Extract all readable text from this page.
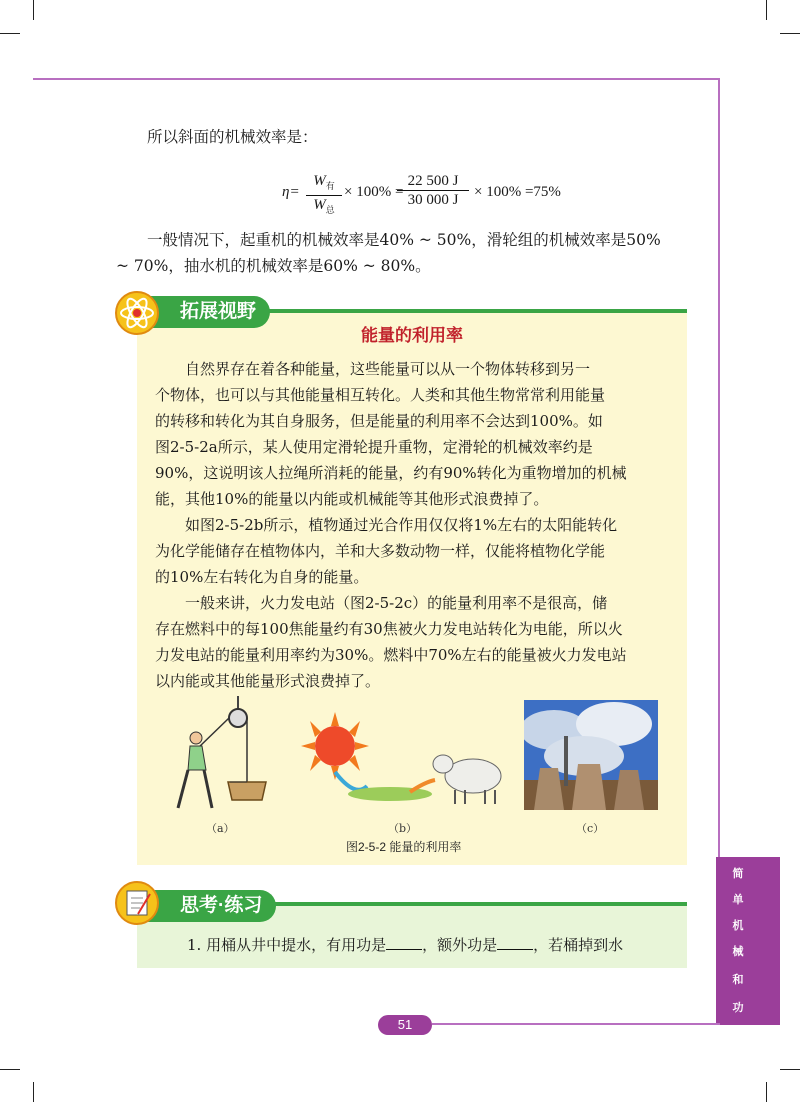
所以斜面的机械效率是：
η=
$W_有$
$W_总$
× 100% =
$\frac{22 500 J}{30 000 J} \times 100\% =75\%$
一般情况下，起重机的机械效率是40% ~ 50%，滑轮组的机械效率是50%
~ 70%，抽水机的机械效率是60% ~ 80%。
拓展视野
能量的利用率
自然界存在着各种能量，这些能量可以从一个物体转移到另一
个物体，也可以与其他能量相互转化。人类和其他生物常常利用能量
的转移和转化为其自身服务，但是能量的利用率不会达到100%。如
图2-5-2a所示，某人使用定滑轮提升重物，定滑轮的机械效率约是
90%，这说明该人拉绳所消耗的能量，约有90%转化为重物增加的机械
能，其他10%的能量以内能或机械能等其他形式浪费掉了。
如图2-5-2b所示，植物通过光合作用仅仅将1%左右的太阳能转化
为化学能储存在植物体内，羊和大多数动物一样，仅能将植物化学能
的10%左右转化为自身的能量。
一般来讲，火力发电站（图2-5-2c）的能量利用率不是很高，储
存在燃料中的每100焦能量约有30焦被火力发电站转化为电能，所以火
力发电站的能量利用率约为30%。燃料中70%左右的能量被火力发电站
以内能或其他能量形式浪费掉了。
（a）	（b）	（c）
图2-5-2 能量的利用率
思考·练习
1. 用桶从井中提水，有用功是 ，额外功是 ，若桶掉到水
简
单
机
械
和
功
51
